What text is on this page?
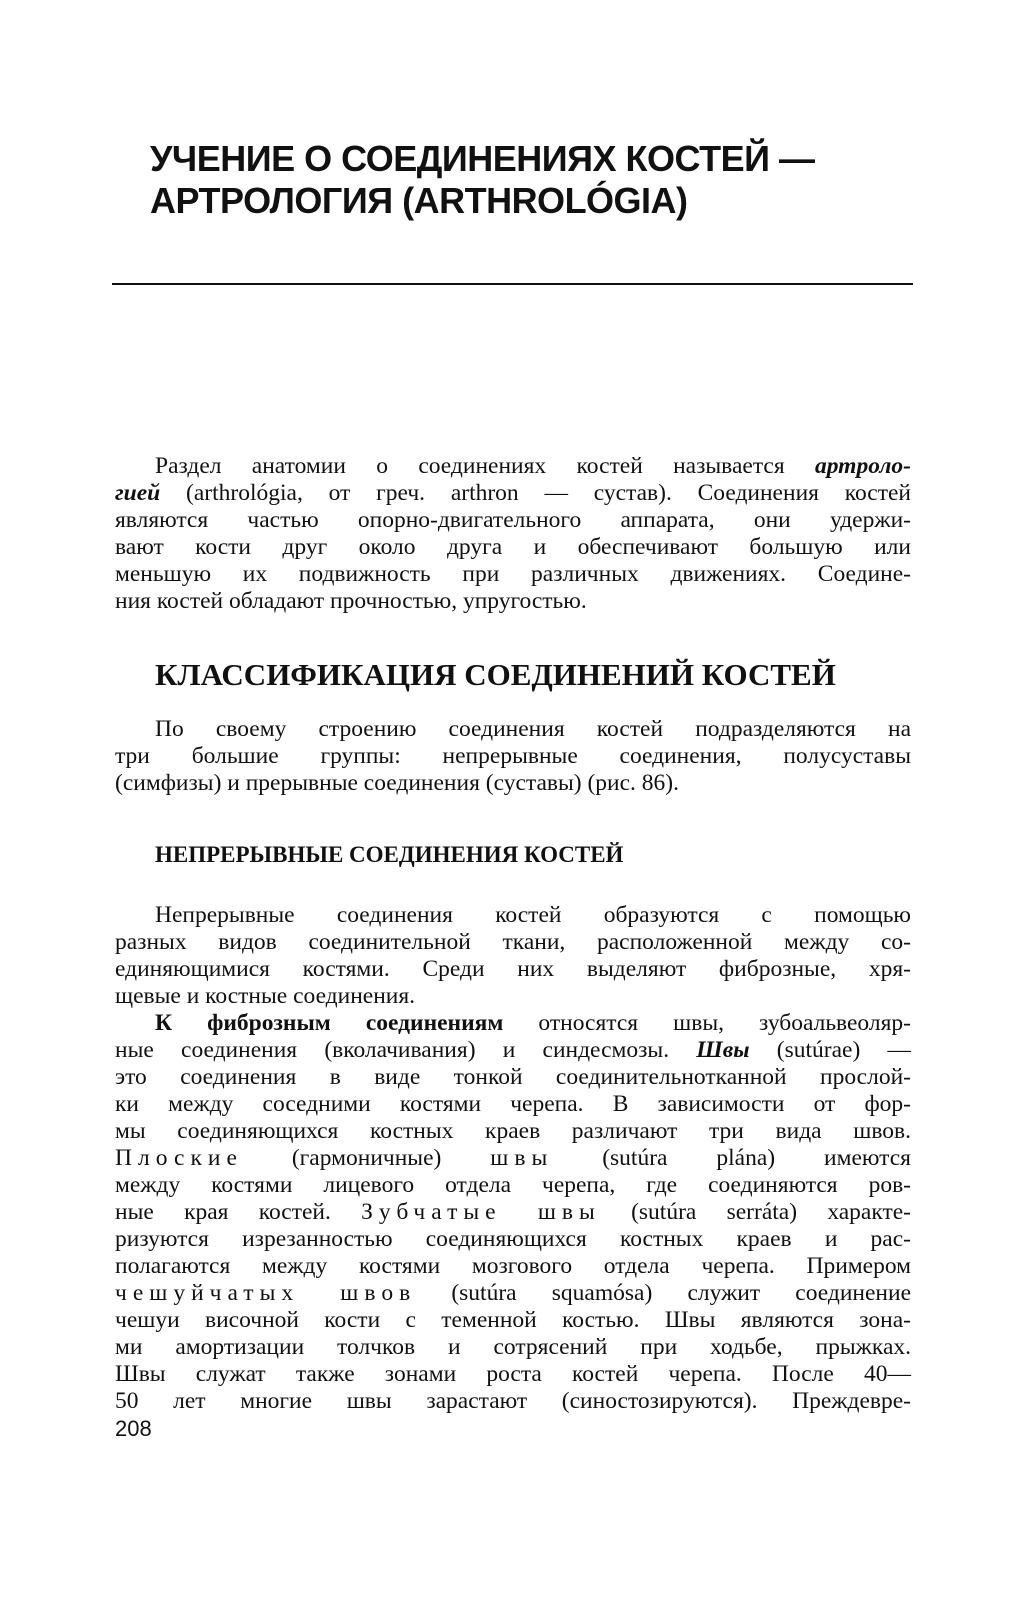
УЧЕНИЕ О СОЕДИНЕНИЯХ КОСТЕЙ —
АРТРОЛОГИЯ (ARTHROLÓGIA)

Раздел анатомии о соединениях костей называется артроло-
гией (arthrológia, от греч. arthron — сустав). Соединения костей
являются частью опорно-двигательного аппарата, они удержи-
вают кости друг около друга и обеспечивают большую или
меньшую их подвижность при различных движениях. Соедине-
ния костей обладают прочностью, упругостью.

КЛАССИФИКАЦИЯ СОЕДИНЕНИЙ КОСТЕЙ

По своему строению соединения костей подразделяются на
три большие группы: непрерывные соединения, полусуставы
(симфизы) и прерывные соединения (суставы) (рис. 86).

НЕПРЕРЫВНЫЕ СОЕДИНЕНИЯ КОСТЕЙ

Непрерывные соединения костей образуются с помощью
разных видов соединительной ткани, расположенной между со-
единяющимися костями. Среди них выделяют фиброзные, хря-
щевые и костные соединения.

К фиброзным соединениям относятся швы, зубоальвеоляр-
ные соединения (вколачивания) и синдесмозы. Швы (sutúrae) —
это соединения в виде тонкой соединительнотканной прослой-
ки между соседними костями черепа. В зависимости от фор-
мы соединяющихся костных краев различают три вида швов.
Плоские (гармоничные) швы (sutúra plána) имеются
между костями лицевого отдела черепа, где соединяются ров-
ные края костей. Зубчатые швы (sutúra serráta) характе-
ризуются изрезанностью соединяющихся костных краев и рас-
полагаются между костями мозгового отдела черепа. Примером
чешуйчатых швов (sutúra squamósa) служит соединение
чешуи височной кости с теменной костью. Швы являются зона-
ми амортизации толчков и сотрясений при ходьбе, прыжках.
Швы служат также зонами роста костей черепа. После 40—
50 лет многие швы зарастают (синостозируются). Преждевре-

208
